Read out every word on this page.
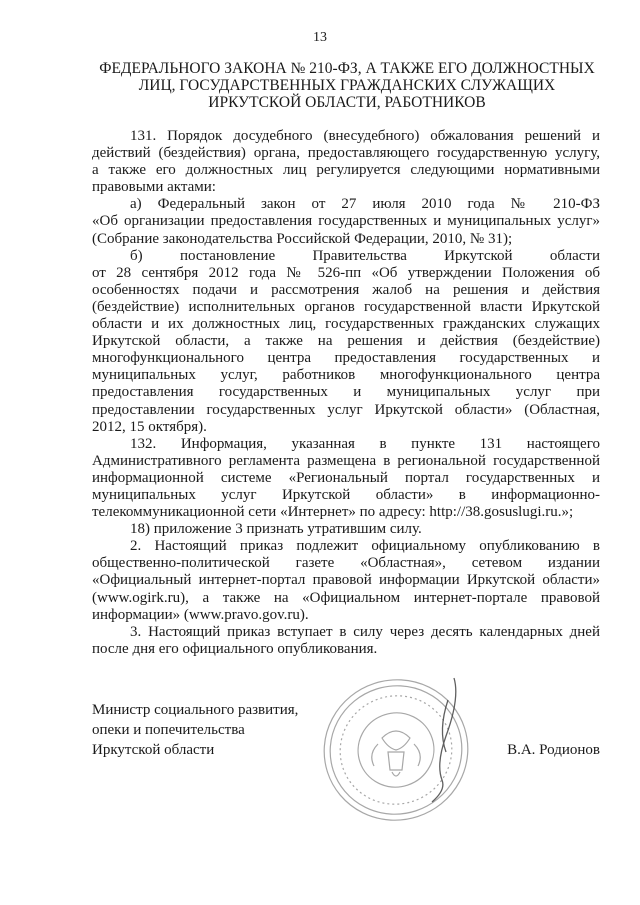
13
ФЕДЕРАЛЬНОГО ЗАКОНА № 210-ФЗ, А ТАКЖЕ ЕГО ДОЛЖНОСТНЫХ
ЛИЦ, ГОСУДАРСТВЕННЫХ ГРАЖДАНСКИХ СЛУЖАЩИХ
ИРКУТСКОЙ ОБЛАСТИ, РАБОТНИКОВ
131. Порядок досудебного (внесудебного) обжалования решений и
действий (бездействия) органа, предоставляющего государственную услугу,
а также его должностных лиц регулируется следующими нормативными
правовыми актами:
а) Федеральный закон от 27 июля 2010 года № 210-ФЗ
«Об организации предоставления государственных и муниципальных услуг»
(Собрание законодательства Российской Федерации, 2010, № 31);
б) постановление Правительства Иркутской области
от 28 сентября 2012 года № 526-пп «Об утверждении Положения об
особенностях подачи и рассмотрения жалоб на решения и действия
(бездействие) исполнительных органов государственной власти Иркутской
области и их должностных лиц, государственных гражданских служащих
Иркутской области, а также на решения и действия (бездействие)
многофункционального центра предоставления государственных и
муниципальных услуг, работников многофункционального центра
предоставления государственных и муниципальных услуг при
предоставлении государственных услуг Иркутской области» (Областная,
2012, 15 октября).
132. Информация, указанная в пункте 131 настоящего
Административного регламента размещена в региональной государственной
информационной системе «Региональный портал государственных и
муниципальных услуг Иркутской области» в информационно-
телекоммуникационной сети «Интернет» по адресу: http://38.gosuslugi.ru.»;
18) приложение 3 признать утратившим силу.
2. Настоящий приказ подлежит официальному опубликованию в
общественно-политической газете «Областная», сетевом издании
«Официальный интернет-портал правовой информации Иркутской области»
(www.ogirk.ru), а также на «Официальном интернет-портале правовой
информации» (www.pravo.gov.ru).
3. Настоящий приказ вступает в силу через десять календарных дней
после дня его официального опубликования.
Министр социального развития,
опеки и попечительства
Иркутской области	В.А. Родионов
